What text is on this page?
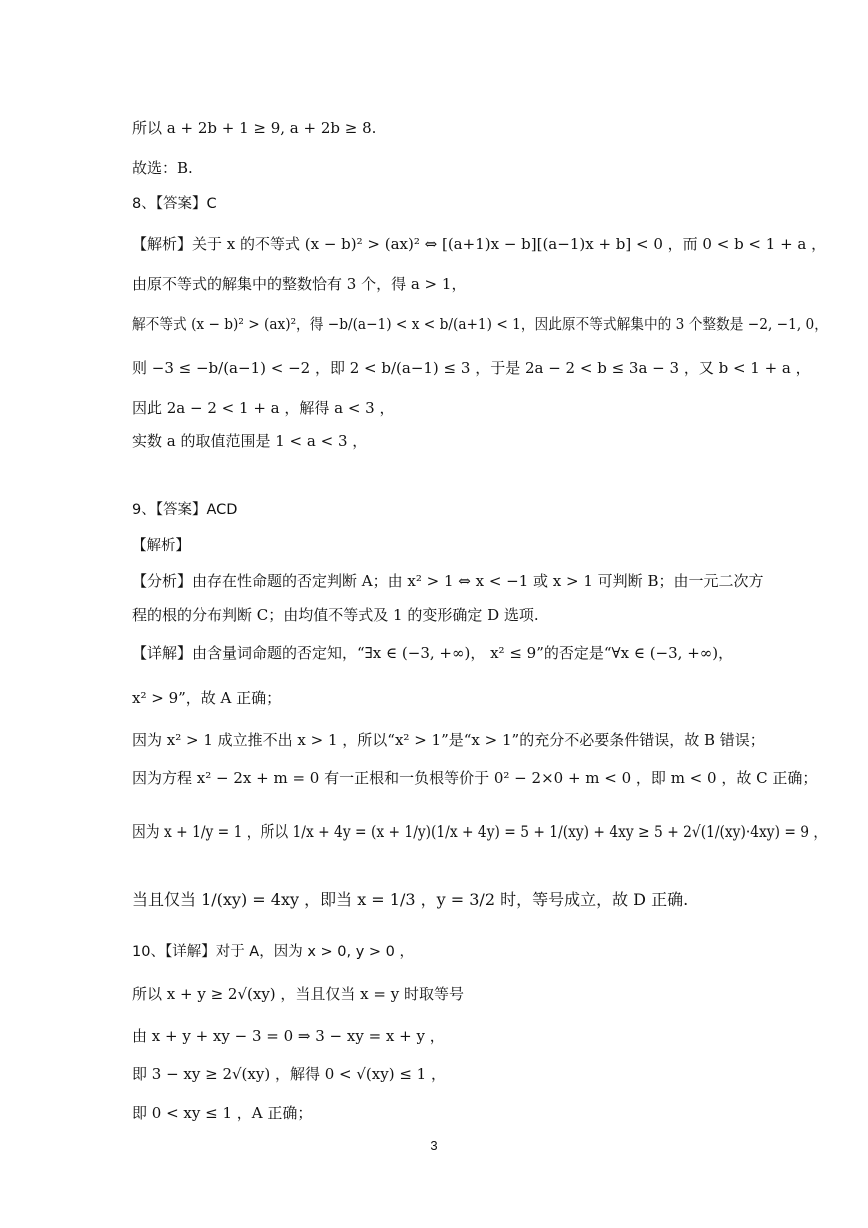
所以 a + 2b + 1 ≥ 9, a + 2b ≥ 8.
故选：B.
8、【答案】C
【解析】关于 x 的不等式 (x − b)² > (ax)² ⇔ [(a+1)x − b][(a−1)x + b] < 0 ，而 0 < b < 1 + a ，
由原不等式的解集中的整数恰有 3 个，得 a > 1，
解不等式 (x − b)² > (ax)²，得 −b/(a−1) < x < b/(a+1) < 1，因此原不等式解集中的 3 个整数是 −2, −1, 0，
则 −3 ≤ −b/(a−1) < −2 ，即 2 < b/(a−1) ≤ 3 ，于是 2a − 2 < b ≤ 3a − 3 ，又 b < 1 + a ，
因此 2a − 2 < 1 + a ，解得 a < 3 ，
实数 a 的取值范围是 1 < a < 3 ，
9、【答案】ACD
【解析】
【分析】由存在性命题的否定判断 A；由 x² > 1 ⇔ x < −1 或 x > 1 可判断 B；由一元二次方
程的根的分布判断 C；由均值不等式及 1 的变形确定 D 选项.
【详解】由含量词命题的否定知，“∃x ∈ (−3, +∞)， x² ≤ 9”的否定是“∀x ∈ (−3, +∞)，
x² > 9”，故 A 正确；
因为 x² > 1 成立推不出 x > 1 ，所以“x² > 1”是“x > 1”的充分不必要条件错误，故 B 错误；
因为方程 x² − 2x + m = 0 有一正根和一负根等价于 0² − 2×0 + m < 0 ，即 m < 0 ，故 C 正确；
因为 x + 1/y = 1 ，所以 1/x + 4y = (x + 1/y)(1/x + 4y) = 5 + 1/(xy) + 4xy ≥ 5 + 2√(1/(xy)·4xy) = 9 ，
当且仅当 1/(xy) = 4xy ，即当 x = 1/3 ，y = 3/2 时，等号成立，故 D 正确.
10、【详解】对于 A，因为 x > 0, y > 0 ，
所以 x + y ≥ 2√(xy) ，当且仅当 x = y 时取等号
由 x + y + xy − 3 = 0 ⇒ 3 − xy = x + y ，
即 3 − xy ≥ 2√(xy) ，解得 0 < √(xy) ≤ 1 ，
即 0 < xy ≤ 1 ，A 正确；
3
